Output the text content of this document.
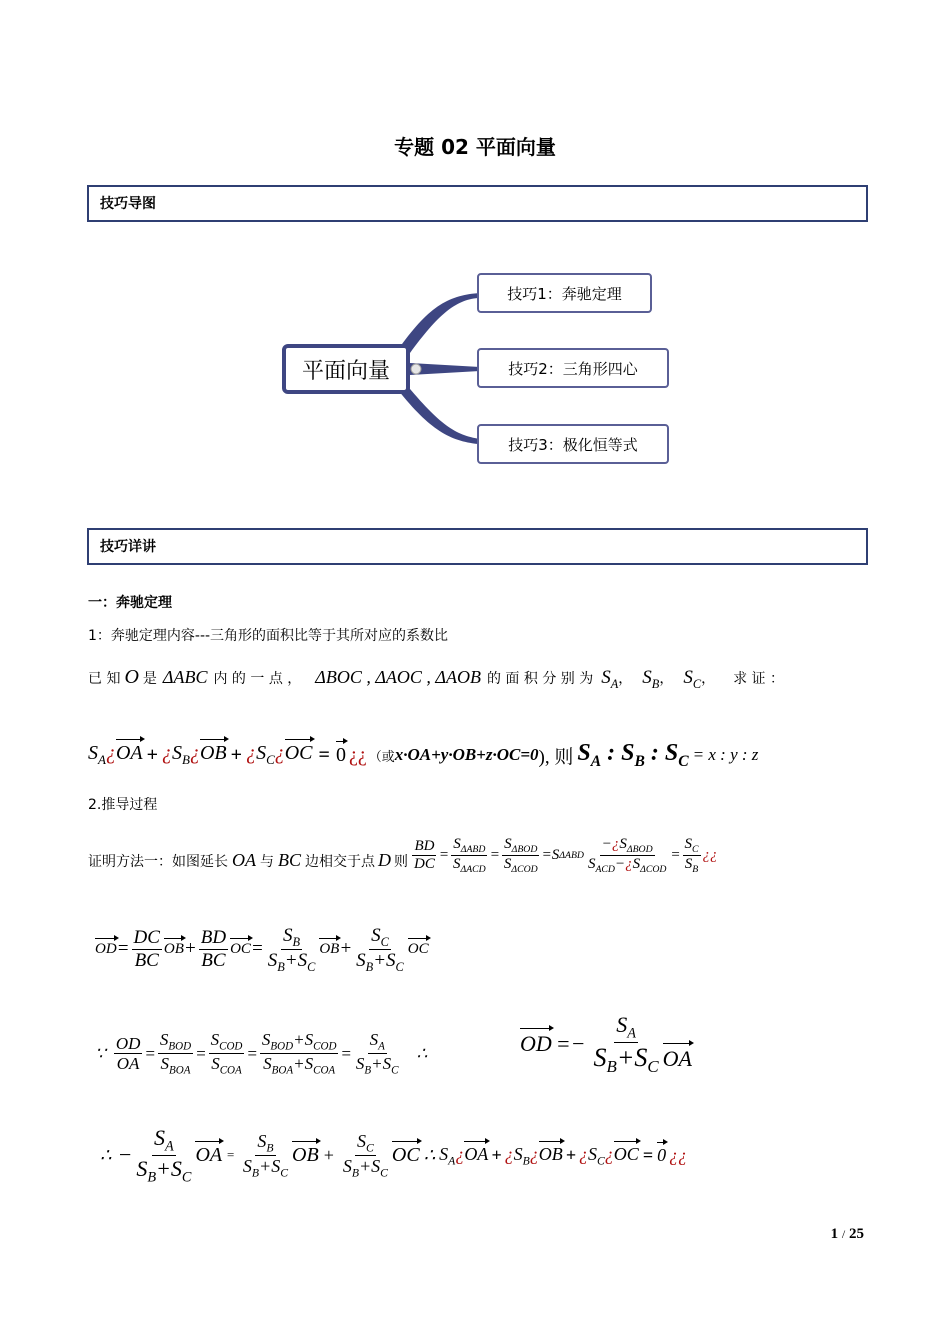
专题 02 平面向量
技巧导图
平面向量
技巧1：奔驰定理
技巧2：三角形四心
技巧3：极化恒等式
技巧详讲
一：奔驰定理
1：奔驰定理内容---三角形的面积比等于其所对应的系数比
已 知 O 是 ΔABC 内 的 一 点 ， ΔBOC , ΔAOC , ΔAOB 的 面 积 分 别 为 $S_A$ ， $S_B$ ， $S_C$ ， 求 证 ：
$S_A¿OA$ + ¿$S_B¿OB$ + ¿$S_C¿OC = 0$ ¿¿ （或 x·OA+y·OB+z·OC=0 ), 则 $S_A$ : $S_B$ : $S_C = x$ : y : z
2.推导过程
证明方法一：如图延长 OA 与 BC 边相交于点 D 则 $\frac{BD}{DC} = \frac{S_{\Delta ABD}}{S_{\Delta ACD}} = \frac{S_{\Delta BOD}}{S_{\Delta COD}} =S$ ΔABD $\frac{-¿S_{\Delta BOD}}{S_{ACD}-¿S_{\Delta COD}} = \frac{S_C}{S_B}$ ¿¿
OD = $\frac{DC}{BC}$ OB + $\frac{BD}{BC}$ OC = $\frac{S_B}{S_B+S_C}$ OB + $\frac{S_C}{S_B+S_C}$ OC
∵ $\frac{OD}{OA} = \frac{S_{BOD}}{S_{BOA}} = \frac{S_{COD}}{S_{COA}} = \frac{S_{BOD}+S_{COD}}{S_{BOA}+S_{COA}} = \frac{S_A}{S_B+S_C}$ ∴	OD =− $\frac{S_A}{S_B+S_C}$ OA
∴ − $\frac{S_A}{S_B+S_C}$ OA = $\frac{S_B}{S_B+S_C}$ OB + $\frac{S_C}{S_B+S_C}$ OC ∴ $S_A¿OA$ + ¿$S_B¿OB$ + ¿$S_C¿OC = 0$ ¿¿
1 / 25
